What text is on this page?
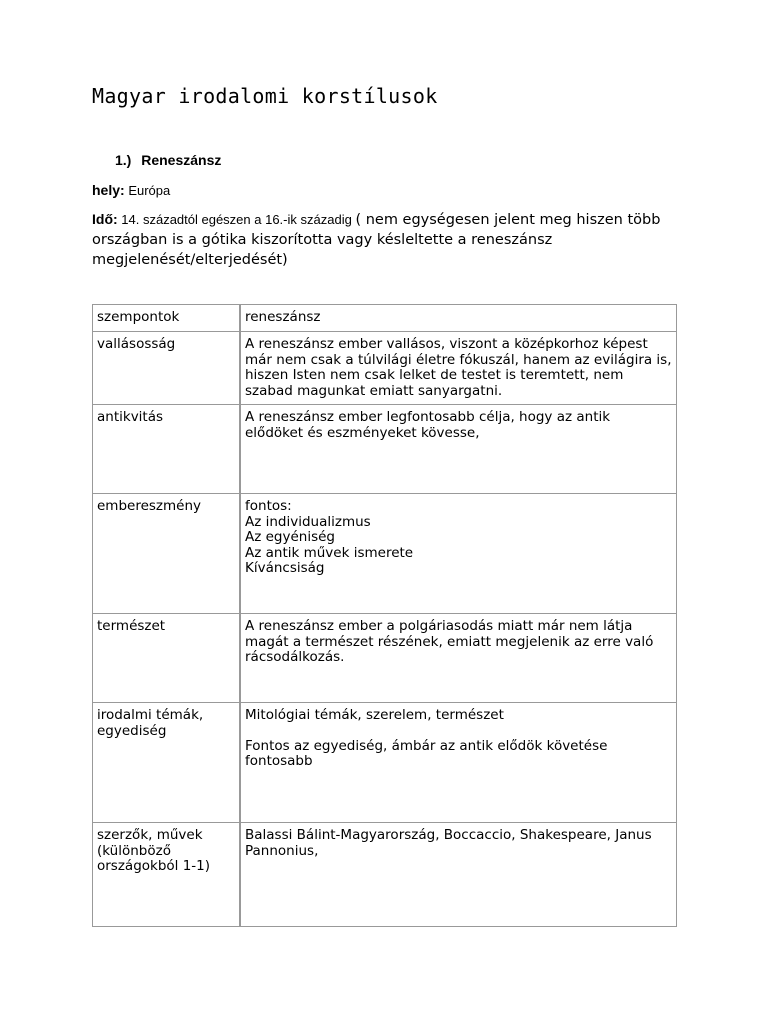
Magyar irodalomi korstílusok
1.) Reneszánsz
hely: Európa
Idő: 14. századtól egészen a 16.-ik századig ( nem egységesen jelent meg hiszen több országban is a gótika kiszorította vagy késleltette a reneszánsz megjelenését/elterjedését)
szempontok	reneszánsz
vallásosság	A reneszánsz ember vallásos, viszont a középkorhoz képest már nem csak a túlvilági életre fókuszál, hanem az evilágira is, hiszen Isten nem csak lelket de testet is teremtett, nem szabad magunkat emiatt sanyargatni.

antikvitás	A reneszánsz ember legfontosabb célja, hogy az antik elődöket és eszményeket kövesse,

embereszmény	fontos:
Az individualizmus
Az egyéniség
Az antik művek ismerete
Kíváncsiság

természet	A reneszánsz ember a polgáriasodás miatt már nem látja magát a természet részének, emiatt megjelenik az erre való rácsodálkozás.

irodalmi témák, egyediség	Mitológiai témák, szerelem, természet
Fontos az egyediség, ámbár az antik elődök követése fontosabb

szerzők, művek (különböző országokból 1-1)	Balassi Bálint-Magyarország, Boccaccio, Shakespeare, Janus Pannonius,
